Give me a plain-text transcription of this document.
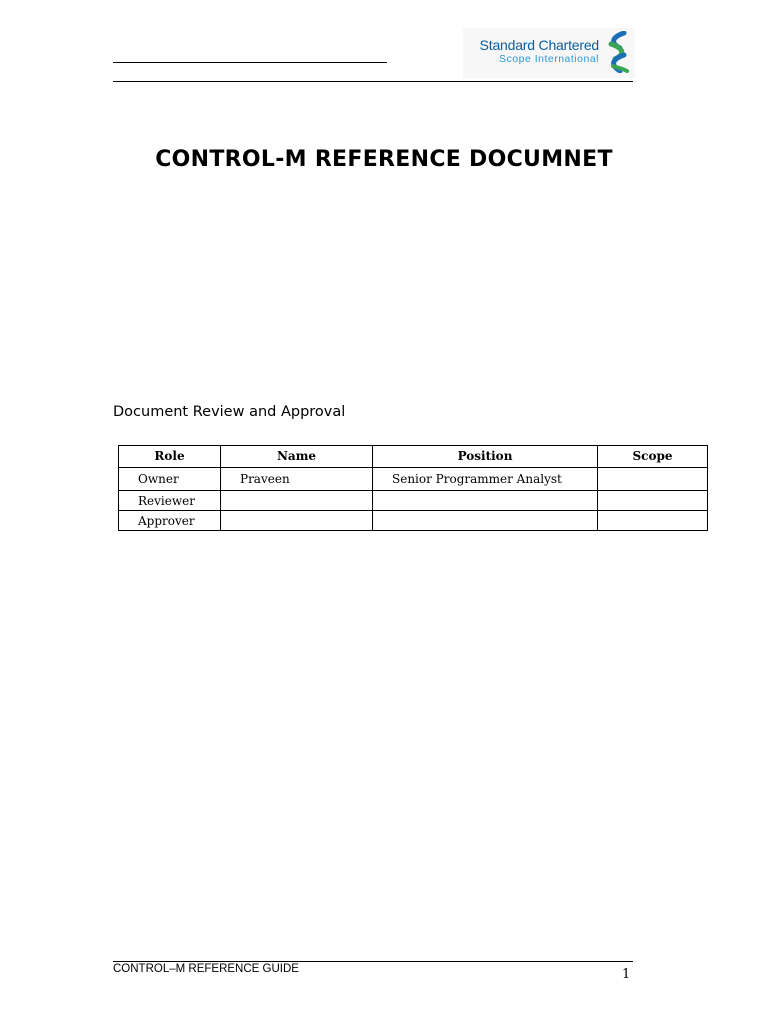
Standard Chartered
Scope International
CONTROL-M REFERENCE DOCUMNET
Document Review and Approval
Role	Name	Position	Scope
Owner	Praveen	Senior Programmer Analyst	
Reviewer			
Approver			
CONTROL–M REFERENCE GUIDE	1
